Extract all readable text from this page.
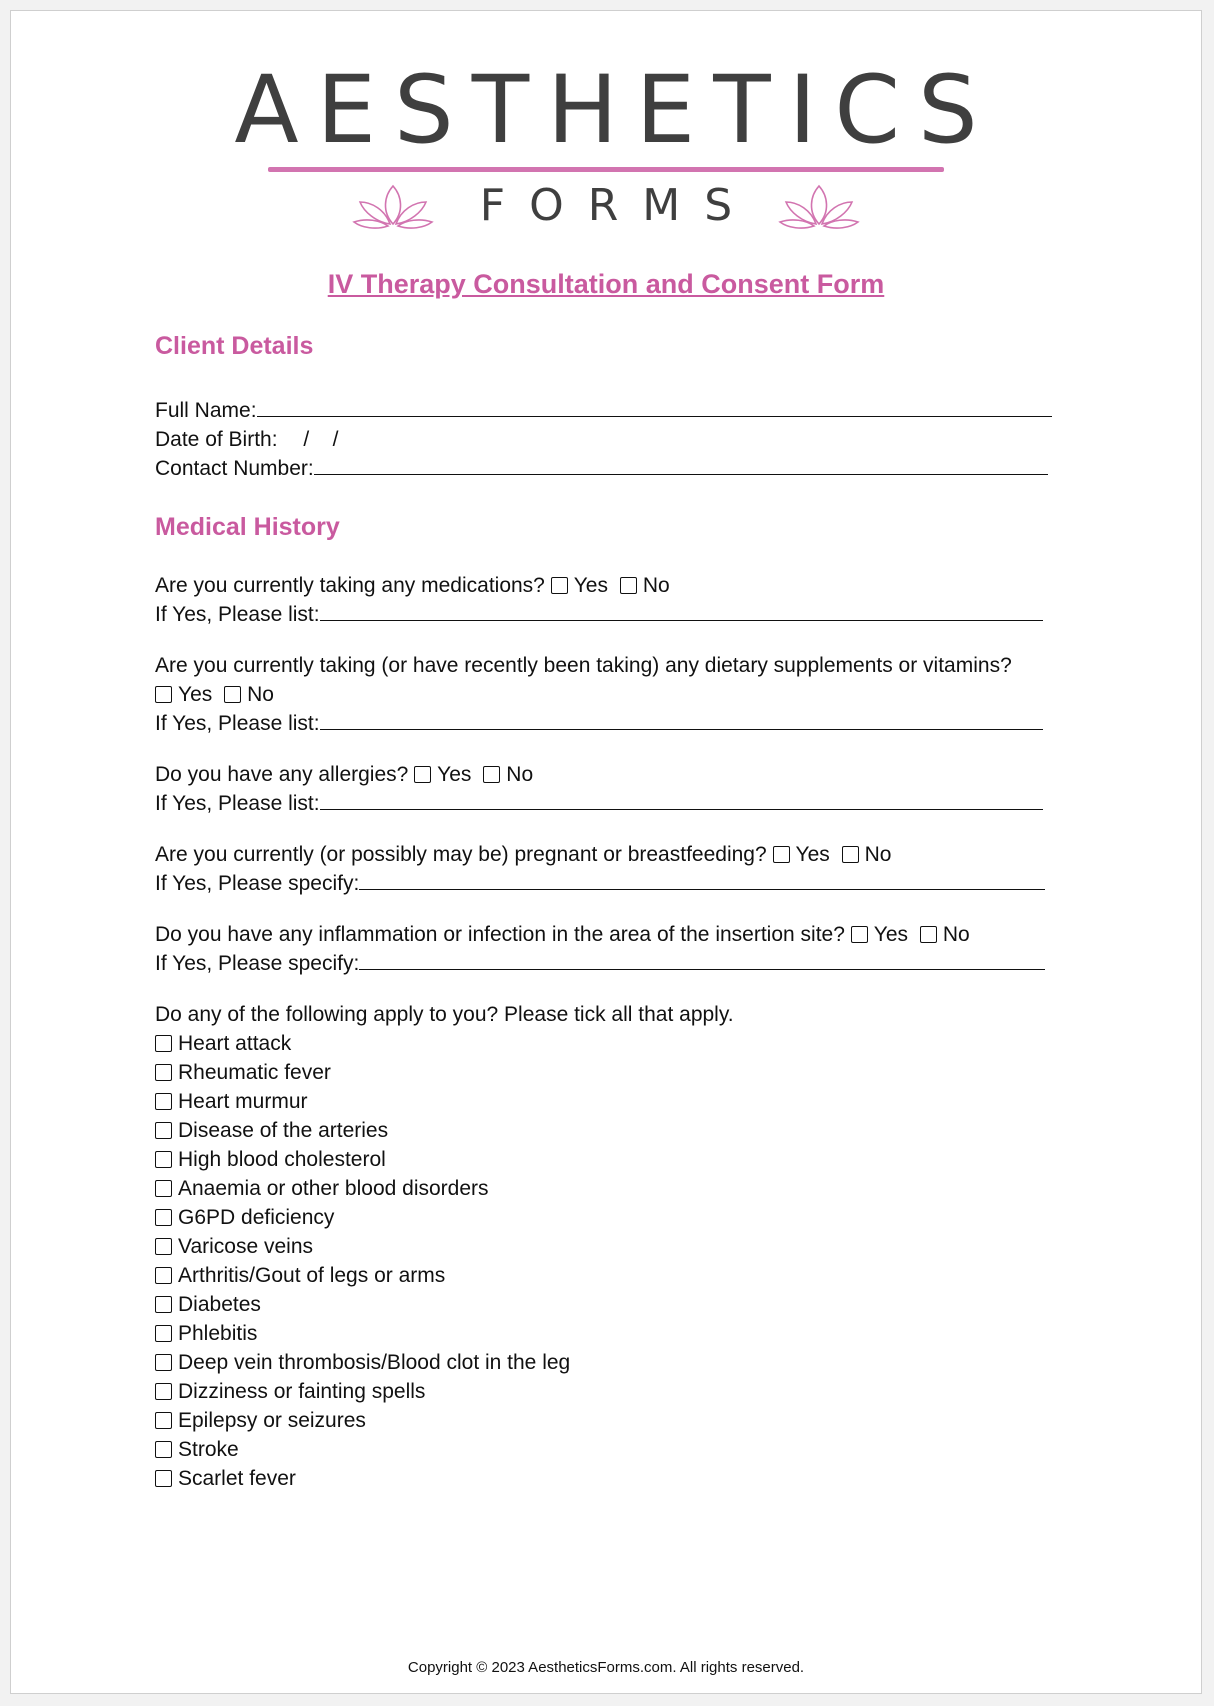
AESTHETICS
FORMS
IV Therapy Consultation and Consent Form
Client Details
Full Name:
Date of Birth: /    /
Contact Number:
Medical History
Are you currently taking any medications? Yes No
If Yes, Please list:
Are you currently taking (or have recently been taking) any dietary supplements or vitamins?
Yes No
If Yes, Please list:
Do you have any allergies? Yes No
If Yes, Please list:
Are you currently (or possibly may be) pregnant or breastfeeding? Yes No
If Yes, Please specify:
Do you have any inflammation or infection in the area of the insertion site? Yes No
If Yes, Please specify:
Do any of the following apply to you? Please tick all that apply.
Heart attack
Rheumatic fever
Heart murmur
Disease of the arteries
High blood cholesterol
Anaemia or other blood disorders
G6PD deficiency
Varicose veins
Arthritis/Gout of legs or arms
Diabetes
Phlebitis
Deep vein thrombosis/Blood clot in the leg
Dizziness or fainting spells
Epilepsy or seizures
Stroke
Scarlet fever
Copyright © 2023 AestheticsForms.com. All rights reserved.
